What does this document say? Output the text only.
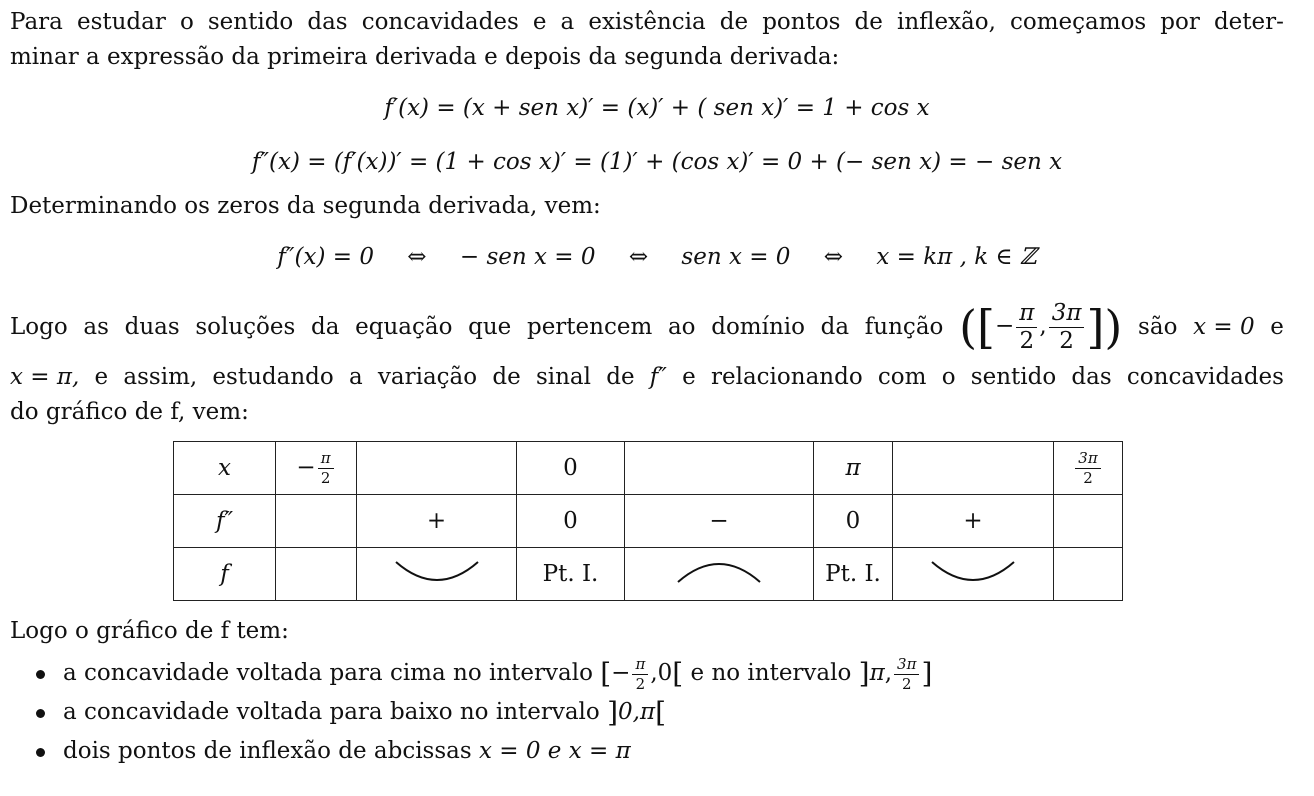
Para estudar o sentido das concavidades e a existência de pontos de inflexão, começamos por deter-
minar a expressão da primeira derivada e depois da segunda derivada:
f′(x) = (x + sen x)′ = (x)′ + ( sen x)′ = 1 + cos x
f″(x) = (f′(x))′ = (1 + cos x)′ = (1)′ + (cos x)′ = 0 + (− sen x) = − sen x
Determinando os zeros da segunda derivada, vem:
f″(x) = 0 ⇔ − sen x = 0 ⇔ sen x = 0 ⇔ x = kπ , k ∈ ℤ
Logo as duas soluções da equação que pertencem ao domínio da função ([− $\frac{\pi}{2}$ , $\frac{3\pi}{2}$ ]) são x = 0 e
x = π, e assim, estudando a variação de sinal de f″ e relacionando com o sentido das concavidades
do gráfico de f, vem:
x	− $\frac{\pi}{2}$		0		π		$\frac{3\pi}{2}$

f″		+	0	−	0	+	
f			Pt. I.		Pt. I.		
Logo o gráfico de f tem:
a concavidade voltada para cima no intervalo [− $\frac{\pi}{2} ,0$[ e no intervalo ]π, $\frac{3\pi}{2}$ ]
a concavidade voltada para baixo no intervalo ]0,π[
dois pontos de inflexão de abcissas x = 0 e x = π
